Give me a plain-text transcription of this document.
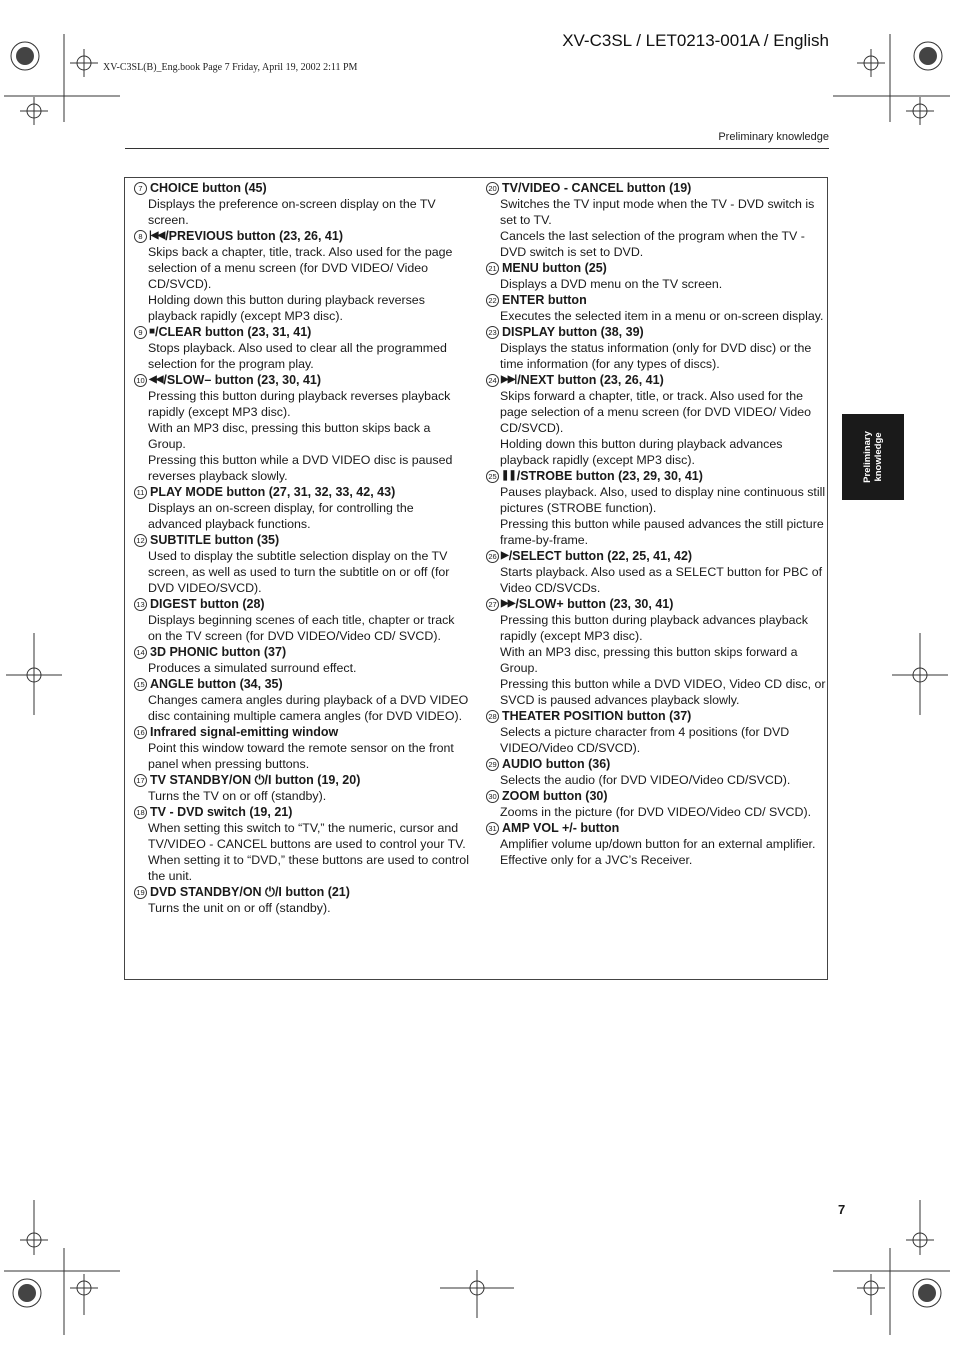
XV-C3SL / LET0213-001A / English
XV-C3SL(B)_Eng.book Page 7 Friday, April 19, 2002 2:11 PM
Preliminary knowledge
7 CHOICE button (45)

Displays the preference on-screen display on the TV screen.

8 |◀◀ /PREVIOUS button (23, 26, 41)

Skips back a chapter, title, track. Also used for the page selection of a menu screen (for DVD VIDEO/ Video CD/SVCD).

Holding down this button during playback reverses playback rapidly (except MP3 disc).

9 ■ /CLEAR button (23, 31, 41)

Stops playback. Also used to clear all the programmed selection for the program play.

10 ◀◀ /SLOW– button (23, 30, 41)

Pressing this button during playback reverses playback rapidly (except MP3 disc).

With an MP3 disc, pressing this button skips back a Group.

Pressing this button while a DVD VIDEO disc is paused reverses playback slowly.

11 PLAY MODE button (27, 31, 32, 33, 42, 43)

Displays an on-screen display, for controlling the advanced playback functions.

12 SUBTITLE button (35)

Used to display the subtitle selection display on the TV screen, as well as used to turn the subtitle on or off (for DVD VIDEO/SVCD).

13 DIGEST button (28)

Displays beginning scenes of each title, chapter or track on the TV screen (for DVD VIDEO/Video CD/ SVCD).

14 3D PHONIC button (37)

Produces a simulated surround effect.

15 ANGLE button (34, 35)

Changes camera angles during playback of a DVD VIDEO disc containing multiple camera angles (for DVD VIDEO).

16 Infrared signal-emitting window

Point this window toward the remote sensor on the front panel when pressing buttons.

17 TV STANDBY/ON ⏻/I button (19, 20)

Turns the TV on or off (standby).

18 TV - DVD switch (19, 21)

When setting this switch to “TV,” the numeric, cursor and TV/VIDEO - CANCEL buttons are used to control your TV.

When setting it to “DVD,” these buttons are used to control the unit.

19 DVD STANDBY/ON ⏻/I button (21)

Turns the unit on or off (standby).

20 TV/VIDEO - CANCEL button (19)

Switches the TV input mode when the TV - DVD switch is set to TV.

Cancels the last selection of the program when the TV - DVD switch is set to DVD.

21 MENU button (25)

Displays a DVD menu on the TV screen.

22 ENTER button

Executes the selected item in a menu or on-screen display.

23 DISPLAY button (38, 39)

Displays the status information (only for DVD disc) or the time information (for any types of discs).

24 ▶▶| /NEXT button (23, 26, 41)

Skips forward a chapter, title, or track. Also used for the page selection of a menu screen (for DVD VIDEO/ Video CD/SVCD).

Holding down this button during playback advances playback rapidly (except MP3 disc).

25 ❚❚ /STROBE button (23, 29, 30, 41)

Pauses playback. Also, used to display nine continuous still pictures (STROBE function).

Pressing this button while paused advances the still picture frame-by-frame.

26 ▶ /SELECT button (22, 25, 41, 42)

Starts playback. Also used as a SELECT button for PBC of Video CD/SVCDs.

27 ▶▶ /SLOW+ button (23, 30, 41)

Pressing this button during playback advances playback rapidly (except MP3 disc).

With an MP3 disc, pressing this button skips forward a Group.

Pressing this button while a DVD VIDEO, Video CD disc, or SVCD is paused advances playback slowly.

28 THEATER POSITION button (37)

Selects a picture character from 4 positions (for DVD VIDEO/Video CD/SVCD).

29 AUDIO button (36)

Selects the audio (for DVD VIDEO/Video CD/SVCD).

30 ZOOM button (30)

Zooms in the picture (for DVD VIDEO/Video CD/ SVCD).

31 AMP VOL +/- button

Amplifier volume up/down button for an external amplifier. Effective only for a JVC’s Receiver.

Preliminary knowledge
7
